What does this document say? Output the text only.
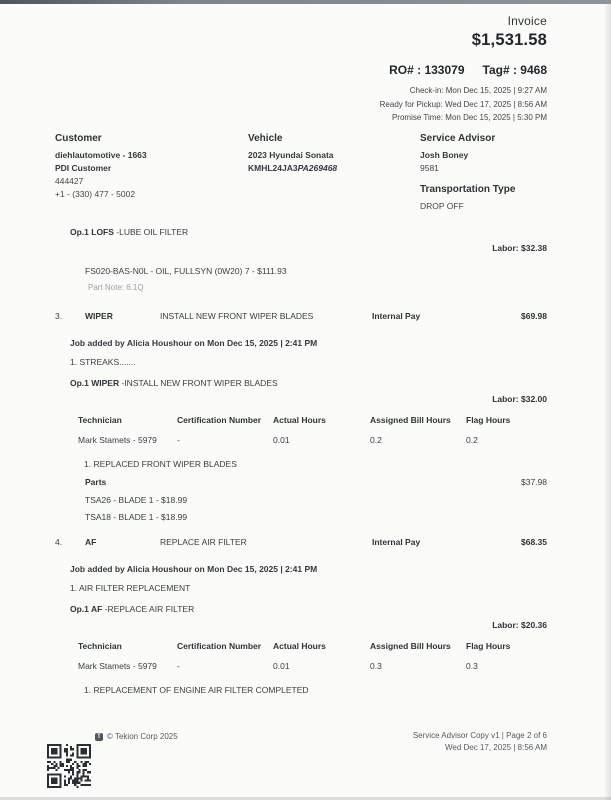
Invoice
$1,531.58
RO# : 133079 Tag# : 9468
Check-in: Mon Dec 15, 2025 | 9:27 AM
Ready for Pickup: Wed Dec 17, 2025 | 8:56 AM
Promise Time: Mon Dec 15, 2025 | 5:30 PM
Customer
diehlautomotive - 1663
PDI Customer
444427
+1 - (330) 477 - 5002
Vehicle
2023 Hyundai Sonata
KMHL24JA3PA269468
Service Advisor
Josh Boney
9581
Transportation Type
DROP OFF
Op.1 LOFS -LUBE OIL FILTER
Labor: $32.38
FS020-BAS-N0L - OIL, FULLSYN (0W20) 7 - $111.93
Part Note: 6.1Q
3.	WIPER	INSTALL NEW FRONT WIPER BLADES	Internal Pay	$69.98
Job added by Alicia Houshour on Mon Dec 15, 2025 | 2:41 PM
1. STREAKS.......
Op.1 WIPER -INSTALL NEW FRONT WIPER BLADES
Labor: $32.00
Technician	Certification Number	Actual Hours	Assigned Bill Hours	Flag Hours
Mark Stamets - 5979	-	0.01	0.2	0.2
1. REPLACED FRONT WIPER BLADES
Parts	$37.98
TSA26 - BLADE 1 - $18.99
TSA18 - BLADE 1 - $18.99
4.	AF	REPLACE AIR FILTER	Internal Pay	$68.35
Job added by Alicia Houshour on Mon Dec 15, 2025 | 2:41 PM
1. AIR FILTER REPLACEMENT
Op.1 AF -REPLACE AIR FILTER
Labor: $20.36
Technician	Certification Number	Actual Hours	Assigned Bill Hours	Flag Hours
Mark Stamets - 5979	-	0.01	0.3	0.3
1. REPLACEMENT OF ENGINE AIR FILTER COMPLETED
T © Tekion Corp 2025	Service Advisor Copy v1 | Page 2 of 6
Wed Dec 17, 2025 | 8:56 AM
